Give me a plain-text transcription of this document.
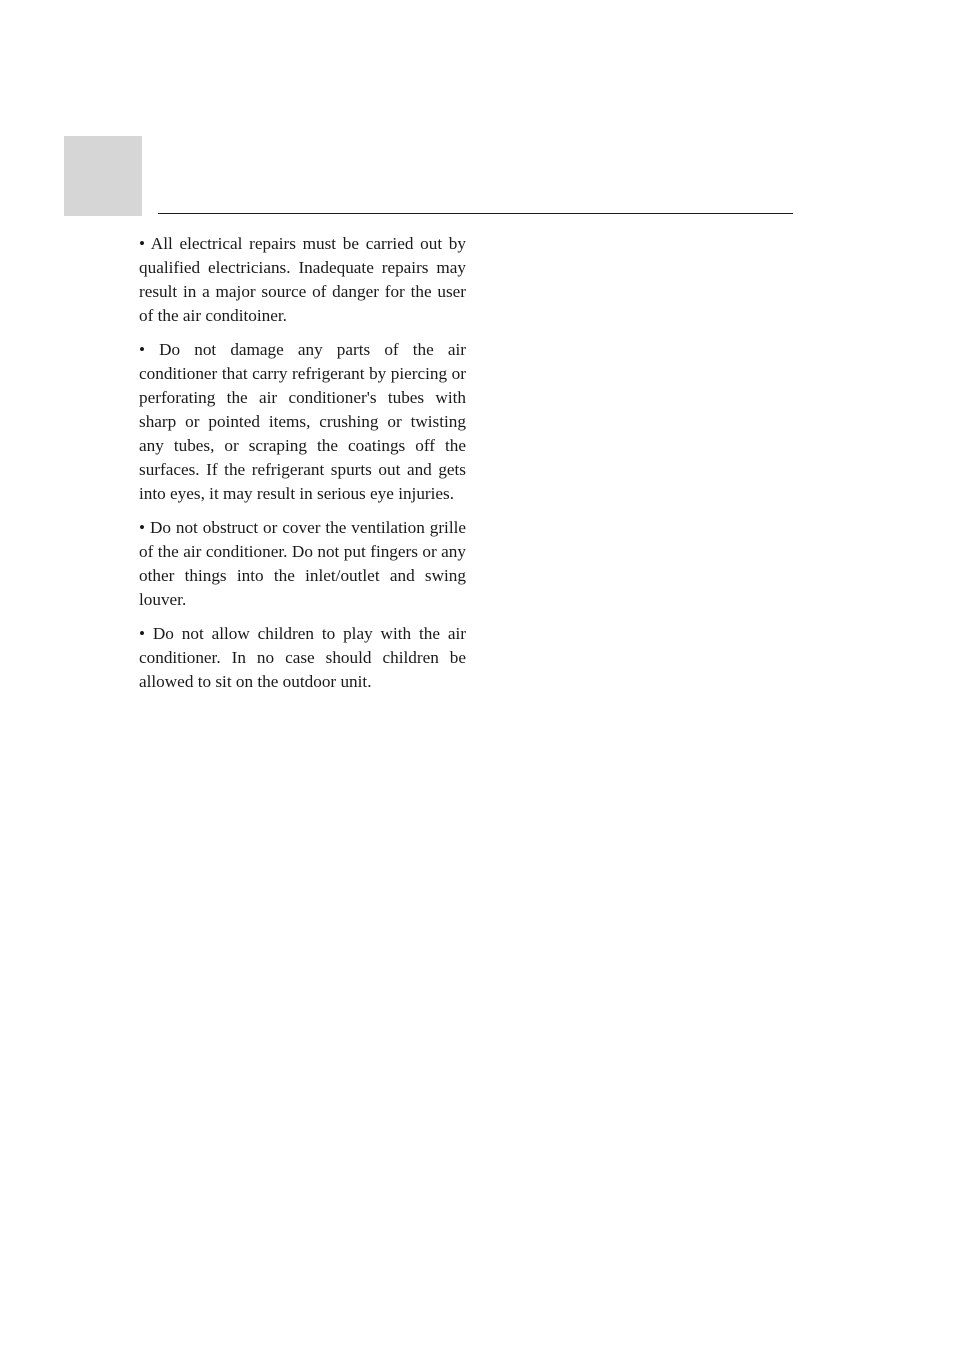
• All electrical repairs must be carried out by qualified electricians. Inadequate repairs may result in a major source of danger for the user of the air conditoiner.

• Do not damage any parts of the air conditioner that carry refrigerant by piercing or perforating the air conditioner's tubes with sharp or pointed items, crushing or twisting any tubes, or scraping the coatings off the surfaces. If the refrigerant spurts out and gets into eyes, it may result in serious eye injuries.

• Do not obstruct or cover the ventilation grille of the air conditioner. Do not put fingers or any other things into the inlet/outlet and swing louver.

• Do not allow children to play with the air conditioner. In no case should children be allowed to sit on the outdoor unit.
